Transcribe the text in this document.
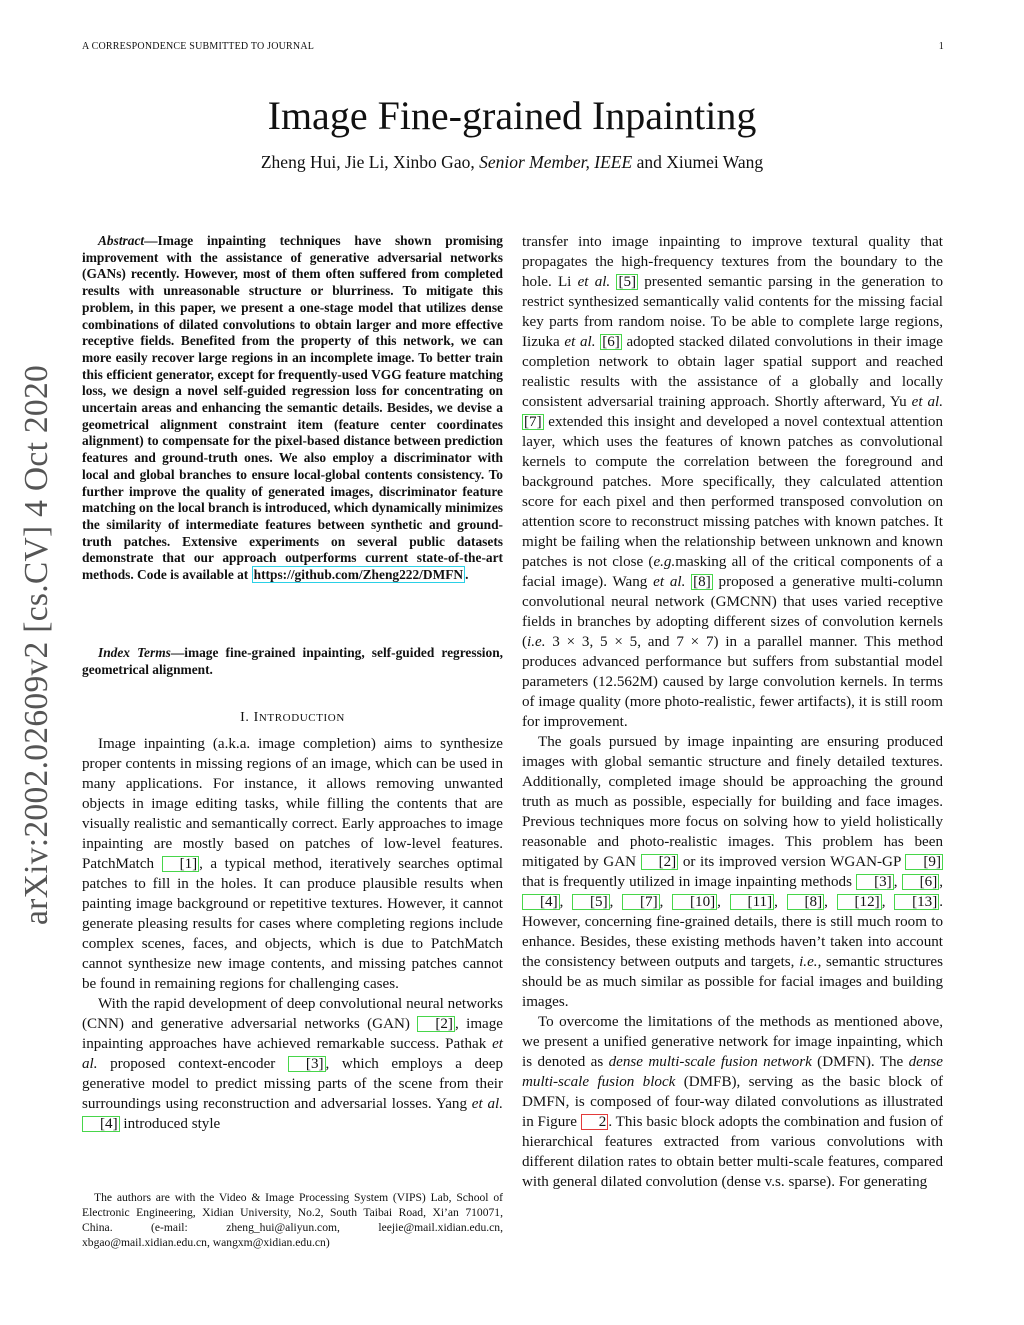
A CORRESPONDENCE SUBMITTED TO JOURNAL	1
Image Fine-grained Inpainting
Zheng Hui, Jie Li, Xinbo Gao, Senior Member, IEEE and Xiumei Wang
arXiv:2002.02609v2 [cs.CV] 4 Oct 2020

Abstract—Image inpainting techniques have shown promising improvement with the assistance of generative adversarial networks (GANs) recently. However, most of them often suffered from completed results with unreasonable structure or blurriness. To mitigate this problem, in this paper, we present a one-stage model that utilizes dense combinations of dilated convolutions to obtain larger and more effective receptive fields. Benefited from the property of this network, we can more easily recover large regions in an incomplete image. To better train this efficient generator, except for frequently-used VGG feature matching loss, we design a novel self-guided regression loss for concentrating on uncertain areas and enhancing the semantic details. Besides, we devise a geometrical alignment constraint item (feature center coordinates alignment) to compensate for the pixel-based distance between prediction features and ground-truth ones. We also employ a discriminator with local and global branches to ensure local-global contents consistency. To further improve the quality of generated images, discriminator feature matching on the local branch is introduced, which dynamically minimizes the similarity of intermediate features between synthetic and ground-truth patches. Extensive experiments on several public datasets demonstrate that our approach outperforms current state-of-the-art methods. Code is available at https://github.com/Zheng222/DMFN .

Index Terms—image fine-grained inpainting, self-guided regression, geometrical alignment.

I. INTRODUCTION

Image inpainting (a.k.a. image completion) aims to synthesize proper contents in missing regions of an image, which can be used in many applications. For instance, it allows removing unwanted objects in image editing tasks, while filling the contents that are visually realistic and semantically correct. Early approaches to image inpainting are mostly based on patches of low-level features. PatchMatch [1] , a typical method, iteratively searches optimal patches to fill in the holes. It can produce plausible results when painting image background or repetitive textures. However, it cannot generate pleasing results for cases where completing regions include complex scenes, faces, and objects, which is due to PatchMatch cannot synthesize new image contents, and missing patches cannot be found in remaining regions for challenging cases.

With the rapid development of deep convolutional neural networks (CNN) and generative adversarial networks (GAN) [2] , image inpainting approaches have achieved remarkable success. Pathak et al. proposed context-encoder [3] , which employs a deep generative model to predict missing parts of the scene from their surroundings using reconstruction and adversarial losses. Yang et al. [4] introduced style

The authors are with the Video & Image Processing System (VIPS) Lab, School of Electronic Engineering, Xidian University, No.2, South Taibai Road, Xi’an 710071, China. (e-mail: zheng_hui@aliyun.com, leejie@mail.xidian.edu.cn, xbgao@mail.xidian.edu.cn, wangxm@xidian.edu.cn)

transfer into image inpainting to improve textural quality that propagates the high-frequency textures from the boundary to the hole. Li et al. [5] presented semantic parsing in the generation to restrict synthesized semantically valid contents for the missing facial key parts from random noise. To be able to complete large regions, Iizuka et al. [6] adopted stacked dilated convolutions in their image completion network to obtain lager spatial support and reached realistic results with the assistance of a globally and locally consistent adversarial training approach. Shortly afterward, Yu et al. [7] extended this insight and developed a novel contextual attention layer, which uses the features of known patches as convolutional kernels to compute the correlation between the foreground and background patches. More specifically, they calculated attention score for each pixel and then performed transposed convolution on attention score to reconstruct missing patches with known patches. It might be failing when the relationship between unknown and known patches is not close (e.g.masking all of the critical components of a facial image). Wang et al. [8] proposed a generative multi-column convolutional neural network (GMCNN) that uses varied receptive fields in branches by adopting different sizes of convolution kernels (i.e. 3 × 3, 5 × 5, and 7 × 7) in a parallel manner. This method produces advanced performance but suffers from substantial model parameters (12.562M) caused by large convolution kernels. In terms of image quality (more photo-realistic, fewer artifacts), it is still room for improvement.

The goals pursued by image inpainting are ensuring produced images with global semantic structure and finely detailed textures. Additionally, completed image should be approaching the ground truth as much as possible, especially for building and face images. Previous techniques more focus on solving how to yield holistically reasonable and photo-realistic images. This problem has been mitigated by GAN [2] or its improved version WGAN-GP [9] that is frequently utilized in image inpainting methods [3] , [6] , [4] , [5] , [7] , [10] , [11] , [8] , [12] , [13] . However, concerning fine-grained details, there is still much room to enhance. Besides, these existing methods haven’t taken into account the consistency between outputs and targets, i.e., semantic structures should be as much similar as possible for facial images and building images.

To overcome the limitations of the methods as mentioned above, we present a unified generative network for image inpainting, which is denoted as dense multi-scale fusion network (DMFN). The dense multi-scale fusion block (DMFB), serving as the basic block of DMFN, is composed of four-way dilated convolutions as illustrated in Figure 2 . This basic block adopts the combination and fusion of hierarchical features extracted from various convolutions with different dilation rates to obtain better multi-scale features, compared with general dilated convolution (dense v.s. sparse). For generating
